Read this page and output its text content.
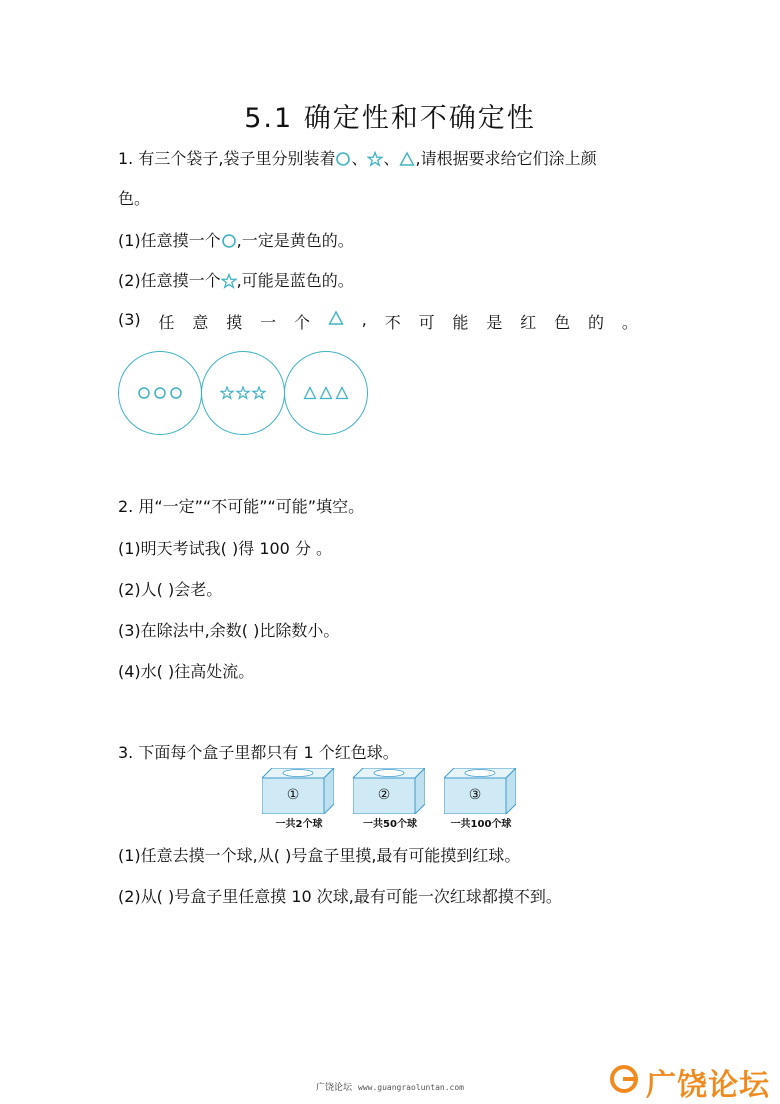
5.1 确定性和不确定性
1. 有三个袋子,袋子里分别装着 、 、 ,请根据要求给它们涂上颜
色。
(1)任意摸一个 ,一定是黄色的。
(2)任意摸一个 ,可能是蓝色的。
(3) 任 意 摸 一 个	, 不 可 能 是 红 色 的 。
2. 用“一定”“不可能”“可能”填空。
(1)明天考试我( )得 100 分 。
(2)人( )会老。
(3)在除法中,余数( )比除数小。
(4)水( )往高处流。
3. 下面每个盒子里都只有 1 个红色球。
①	②	③
一共2个球	一共50个球	一共100个球
(1)任意去摸一个球,从( )号盒子里摸,最有可能摸到红球。
(2)从( )号盒子里任意摸 10 次球,最有可能一次红球都摸不到。
广饶论坛 www.guangraoluntan.com	广饶论坛
